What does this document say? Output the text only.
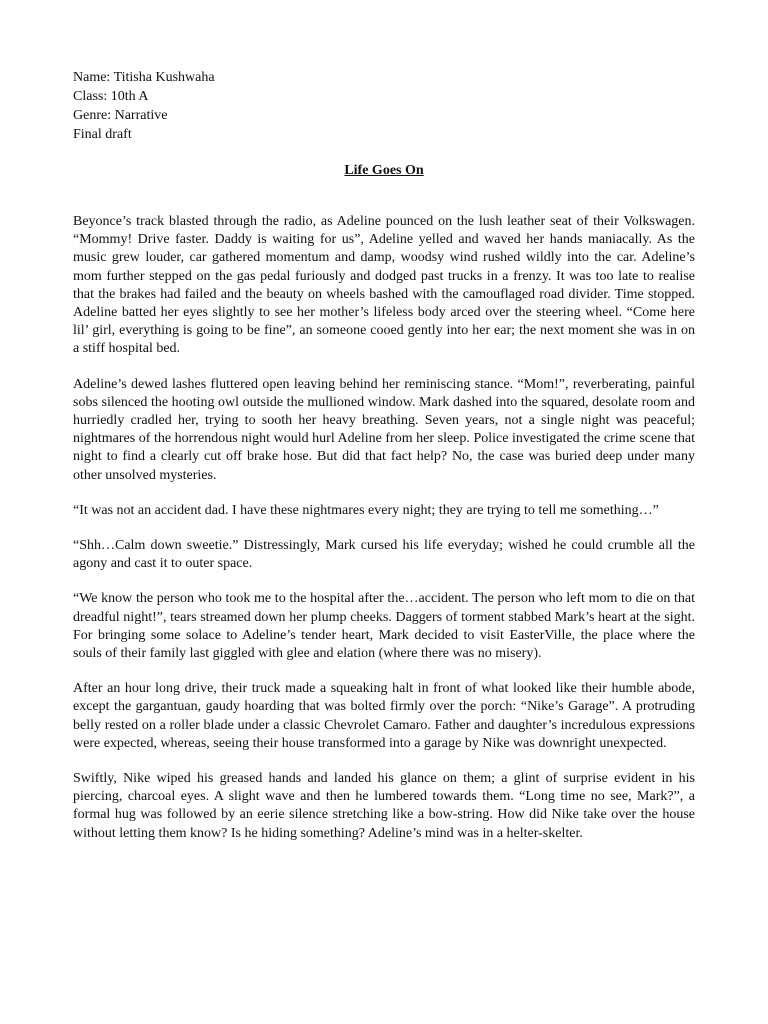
Name: Titisha Kushwaha
Class: 10th A
Genre: Narrative
Final draft
Life Goes On

Beyonce’s track blasted through the radio, as Adeline pounced on the lush leather seat of their Volkswagen. “Mommy! Drive faster. Daddy is waiting for us”, Adeline yelled and waved her hands maniacally. As the music grew louder, car gathered momentum and damp, woodsy wind rushed wildly into the car. Adeline’s mom further stepped on the gas pedal furiously and dodged past trucks in a frenzy. It was too late to realise that the brakes had failed and the beauty on wheels bashed with the camouflaged road divider. Time stopped. Adeline batted her eyes slightly to see her mother’s lifeless body arced over the steering wheel. “Come here lil’ girl, everything is going to be fine”, an someone cooed gently into her ear; the next moment she was in on a stiff hospital bed.

Adeline’s dewed lashes fluttered open leaving behind her reminiscing stance. “Mom!”, reverberating, painful sobs silenced the hooting owl outside the mullioned window. Mark dashed into the squared, desolate room and hurriedly cradled her, trying to sooth her heavy breathing. Seven years, not a single night was peaceful; nightmares of the horrendous night would hurl Adeline from her sleep. Police investigated the crime scene that night to find a clearly cut off brake hose. But did that fact help? No, the case was buried deep under many other unsolved mysteries.

“It was not an accident dad. I have these nightmares every night; they are trying to tell me something…”

“Shh…Calm down sweetie.” Distressingly, Mark cursed his life everyday; wished he could crumble all the agony and cast it to outer space.

“We know the person who took me to the hospital after the…accident. The person who left mom to die on that dreadful night!”, tears streamed down her plump cheeks. Daggers of torment stabbed Mark’s heart at the sight. For bringing some solace to Adeline’s tender heart, Mark decided to visit EasterVille, the place where the souls of their family last giggled with glee and elation (where there was no misery).

After an hour long drive, their truck made a squeaking halt in front of what looked like their humble abode, except the gargantuan, gaudy hoarding that was bolted firmly over the porch: “Nike’s Garage”. A protruding belly rested on a roller blade under a classic Chevrolet Camaro. Father and daughter’s incredulous expressions were expected, whereas, seeing their house transformed into a garage by Nike was downright unexpected.

Swiftly, Nike wiped his greased hands and landed his glance on them; a glint of surprise evident in his piercing, charcoal eyes. A slight wave and then he lumbered towards them. “Long time no see, Mark?”, a formal hug was followed by an eerie silence stretching like a bow-string. How did Nike take over the house without letting them know? Is he hiding something? Adeline’s mind was in a helter-skelter.
